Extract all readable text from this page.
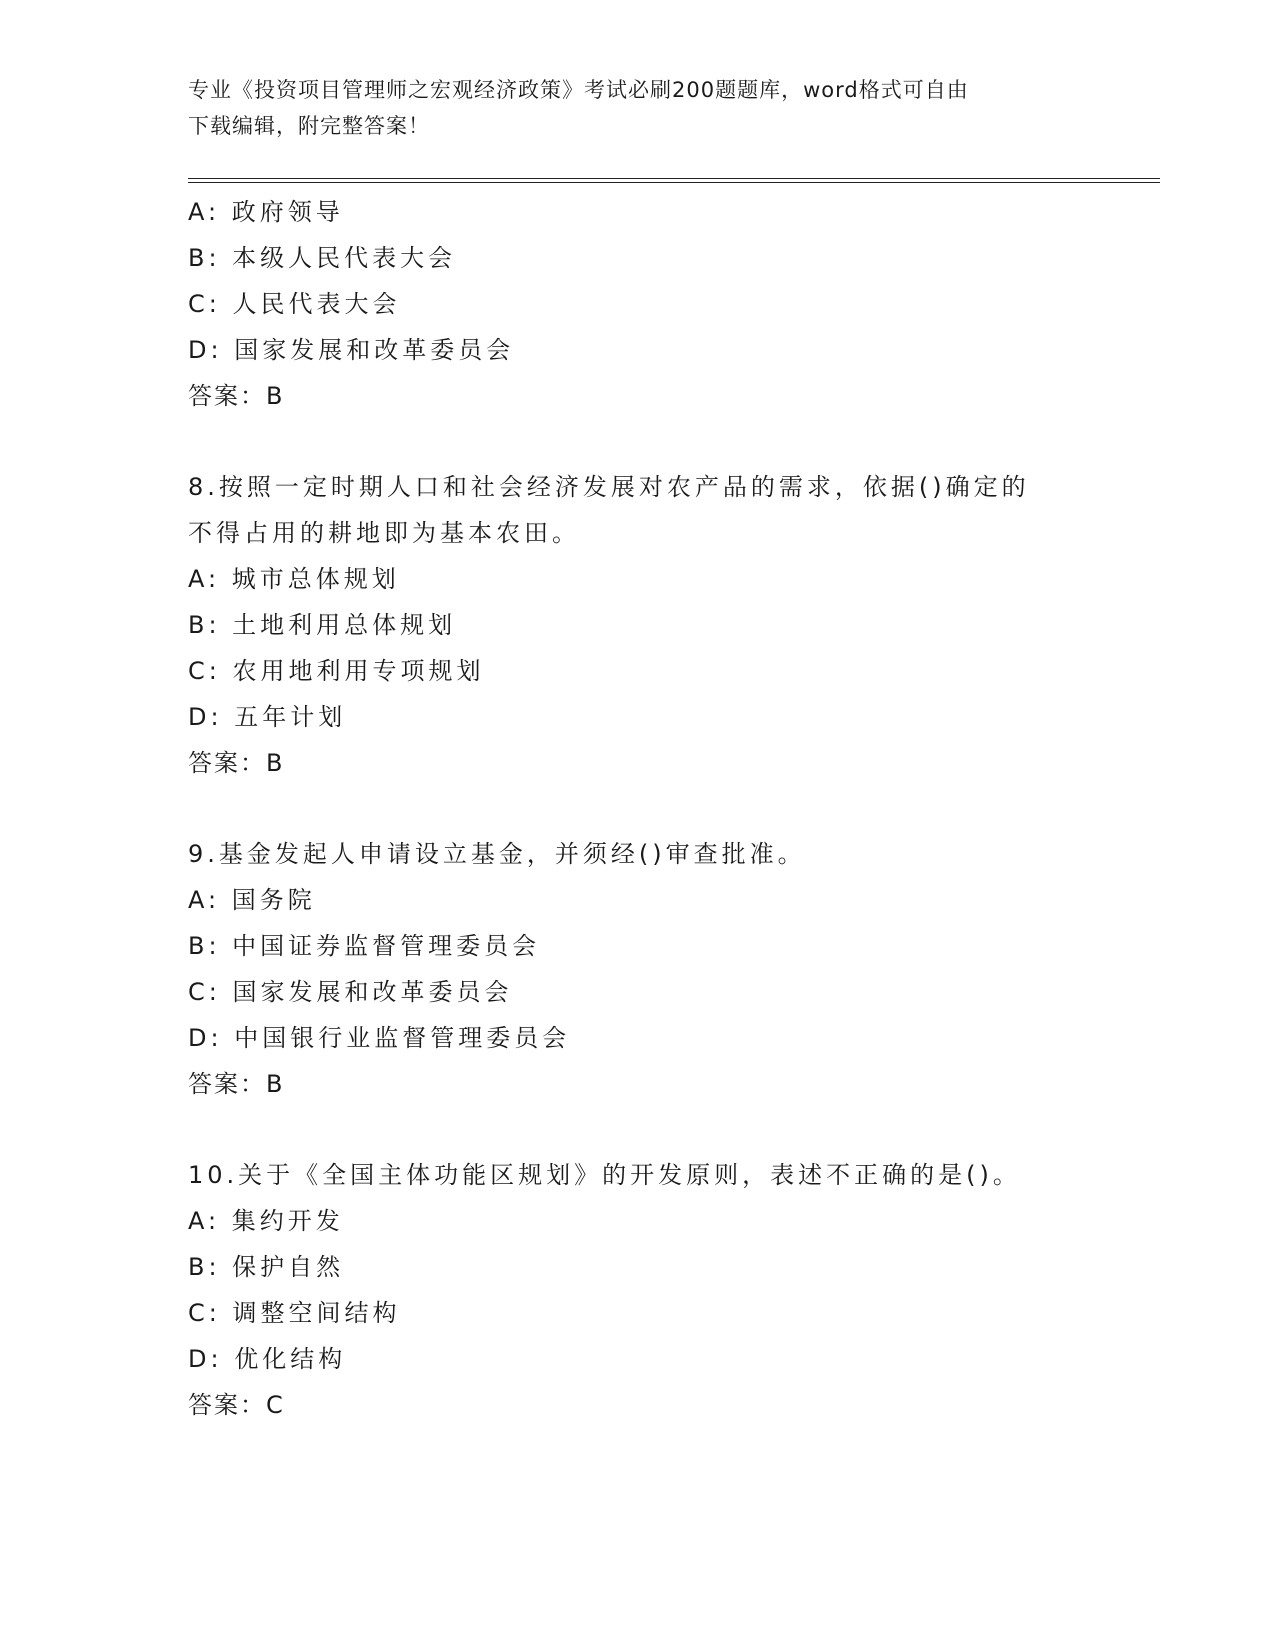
专业《投资项目管理师之宏观经济政策》考试必刷200题题库，word格式可自由
下载编辑，附完整答案！
A: 政府领导
B: 本级人民代表大会
C: 人民代表大会
D: 国家发展和改革委员会
答案：B
8.按照一定时期人口和社会经济发展对农产品的需求，依据()确定的
不得占用的耕地即为基本农田。
A: 城市总体规划
B: 土地利用总体规划
C: 农用地利用专项规划
D: 五年计划
答案：B
9.基金发起人申请设立基金，并须经()审查批准。
A: 国务院
B: 中国证券监督管理委员会
C: 国家发展和改革委员会
D: 中国银行业监督管理委员会
答案：B
10.关于《全国主体功能区规划》的开发原则，表述不正确的是()。
A: 集约开发
B: 保护自然
C: 调整空间结构
D: 优化结构
答案：C
